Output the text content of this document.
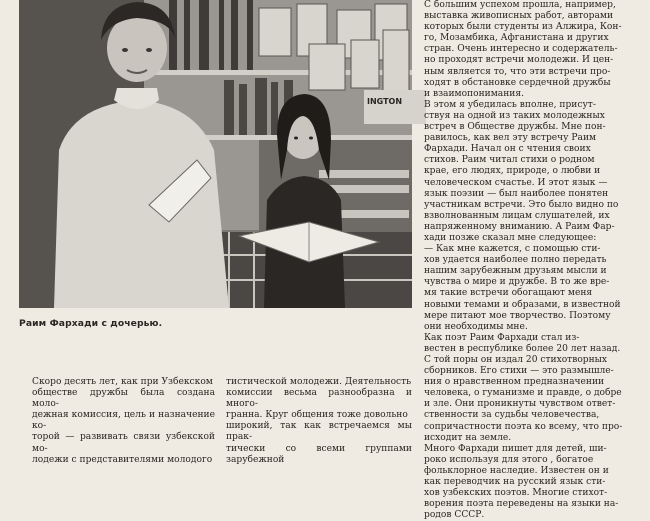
INGTON
Раим Фархади с дочерью.
С большим успехом прошла, например,
выставка живописных работ, авторами
которых были студенты из Алжира, Кон-
го, Мозамбика, Афганистана и других
стран. Очень интересно и содержатель-
но проходят встречи молодежи. И цен-
ным является то, что эти встречи про-
ходят в обстановке сердечной дружбы
и взаимопонимания.
В этом я убедилась вполне, присут-
ствуя на одной из таких молодежных
встреч в Обществе дружбы. Мне пон-
равилось, как вел эту встречу Раим
Фархади. Начал он с чтения своих
стихов. Раим читал стихи о родном
крае, его людях, природе, о любви и
человеческом счастье. И этот язык —
язык поэзии — был наиболее понятен
участникам встречи. Это было видно по
взволнованным лицам слушателей, их
напряженному вниманию. А Раим Фар-
хади позже сказал мне следующее:
— Как мне кажется, с помощью сти-
хов удается наиболее полно передать
нашим зарубежным друзьям мысли и
чувства о мире и дружбе. В то же вре-
мя такие встречи обогащают меня
новыми темами и образами, в известной
мере питают мое творчество. Поэтому
они необходимы мне.
Как поэт Раим Фархади стал из-
вестен в республике более 20 лет назад.
С той поры он издал 20 стихотворных
сборников. Его стихи — это размышле-
ния о нравственном предназначении
человека, о гуманизме и правде, о добре
и зле. Они проникнуты чувством ответ-
ственности за судьбы человечества,
сопричастности поэта ко всему, что про-
исходит на земле.
Много Фархади пишет для детей, ши-
роко используя для этого , богатое
фольклорное наследие. Известен он и
как переводчик на русский язык сти-
хов узбекских поэтов. Многие стихот-
ворения поэта переведены на языки на-
родов СССР.
Скоро десять лет, как при Узбекском
обществе дружбы была создана моло-
дежная комиссия, цель и назначение ко-
торой — развивать связи узбекской мо-
лодежи с представителями молодого
тистической молодежи. Деятельность
комиссии весьма разнообразна и много-
гранна. Круг общения тоже довольно
широкий, так как встречаемся мы прак-
тически со всеми группами зарубежной
